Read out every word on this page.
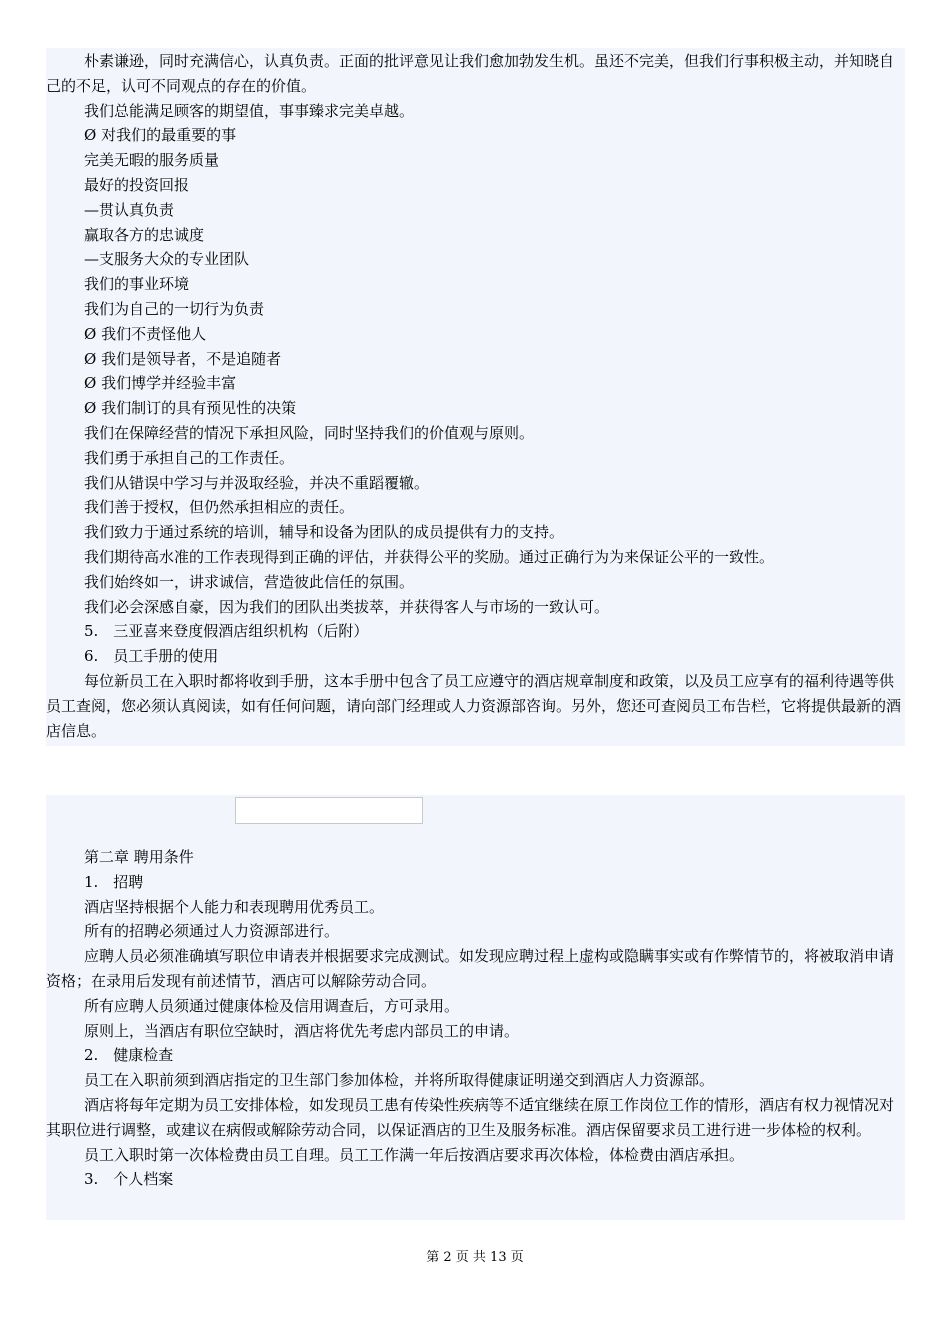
朴素谦逊，同时充满信心，认真负责。正面的批评意见让我们愈加勃发生机。虽还不完美，但我们行事积极主动，并知晓自己的不足，认可不同观点的存在的价值。

我们总能满足顾客的期望值，事事臻求完美卓越。

Ø 对我们的最重要的事

完美无暇的服务质量

最好的投资回报

—贯认真负责

赢取各方的忠诚度

—支服务大众的专业团队

我们的事业环境

我们为自己的一切行为负责

Ø 我们不责怪他人

Ø 我们是领导者，不是追随者

Ø 我们博学并经验丰富

Ø 我们制订的具有预见性的决策

我们在保障经营的情况下承担风险，同时坚持我们的价值观与原则。

我们勇于承担自己的工作责任。

我们从错误中学习与并汲取经验，并决不重蹈覆辙。

我们善于授权，但仍然承担相应的责任。

我们致力于通过系统的培训，辅导和设备为团队的成员提供有力的支持。

我们期待高水准的工作表现得到正确的评估，并获得公平的奖励。通过正确行为为来保证公平的一致性。

我们始终如一，讲求诚信，营造彼此信任的氛围。

我们必会深感自豪，因为我们的团队出类拔萃，并获得客人与市场的一致认可。

5.　三亚喜来登度假酒店组织机构（后附）

6.　员工手册的使用

每位新员工在入职时都将收到手册，这本手册中包含了员工应遵守的酒店规章制度和政策，以及员工应享有的福利待遇等供员工查阅，您必须认真阅读，如有任何问题，请向部门经理或人力资源部咨询。另外，您还可查阅员工布告栏，它将提供最新的酒店信息。

第二章 聘用条件

1.　招聘

酒店坚持根据个人能力和表现聘用优秀员工。

所有的招聘必须通过人力资源部进行。

应聘人员必须准确填写职位申请表并根据要求完成测试。如发现应聘过程上虚构或隐瞒事实或有作弊情节的，将被取消申请资格；在录用后发现有前述情节，酒店可以解除劳动合同。

所有应聘人员须通过健康体检及信用调查后，方可录用。

原则上，当酒店有职位空缺时，酒店将优先考虑内部员工的申请。

2.　健康检查

员工在入职前须到酒店指定的卫生部门参加体检，并将所取得健康证明递交到酒店人力资源部。

酒店将每年定期为员工安排体检，如发现员工患有传染性疾病等不适宜继续在原工作岗位工作的情形，酒店有权力视情况对其职位进行调整，或建议在病假或解除劳动合同，以保证酒店的卫生及服务标准。酒店保留要求员工进行进一步体检的权利。

员工入职时第一次体检费由员工自理。员工工作满一年后按酒店要求再次体检，体检费由酒店承担。

3.　个人档案

第 2 页 共 13 页
